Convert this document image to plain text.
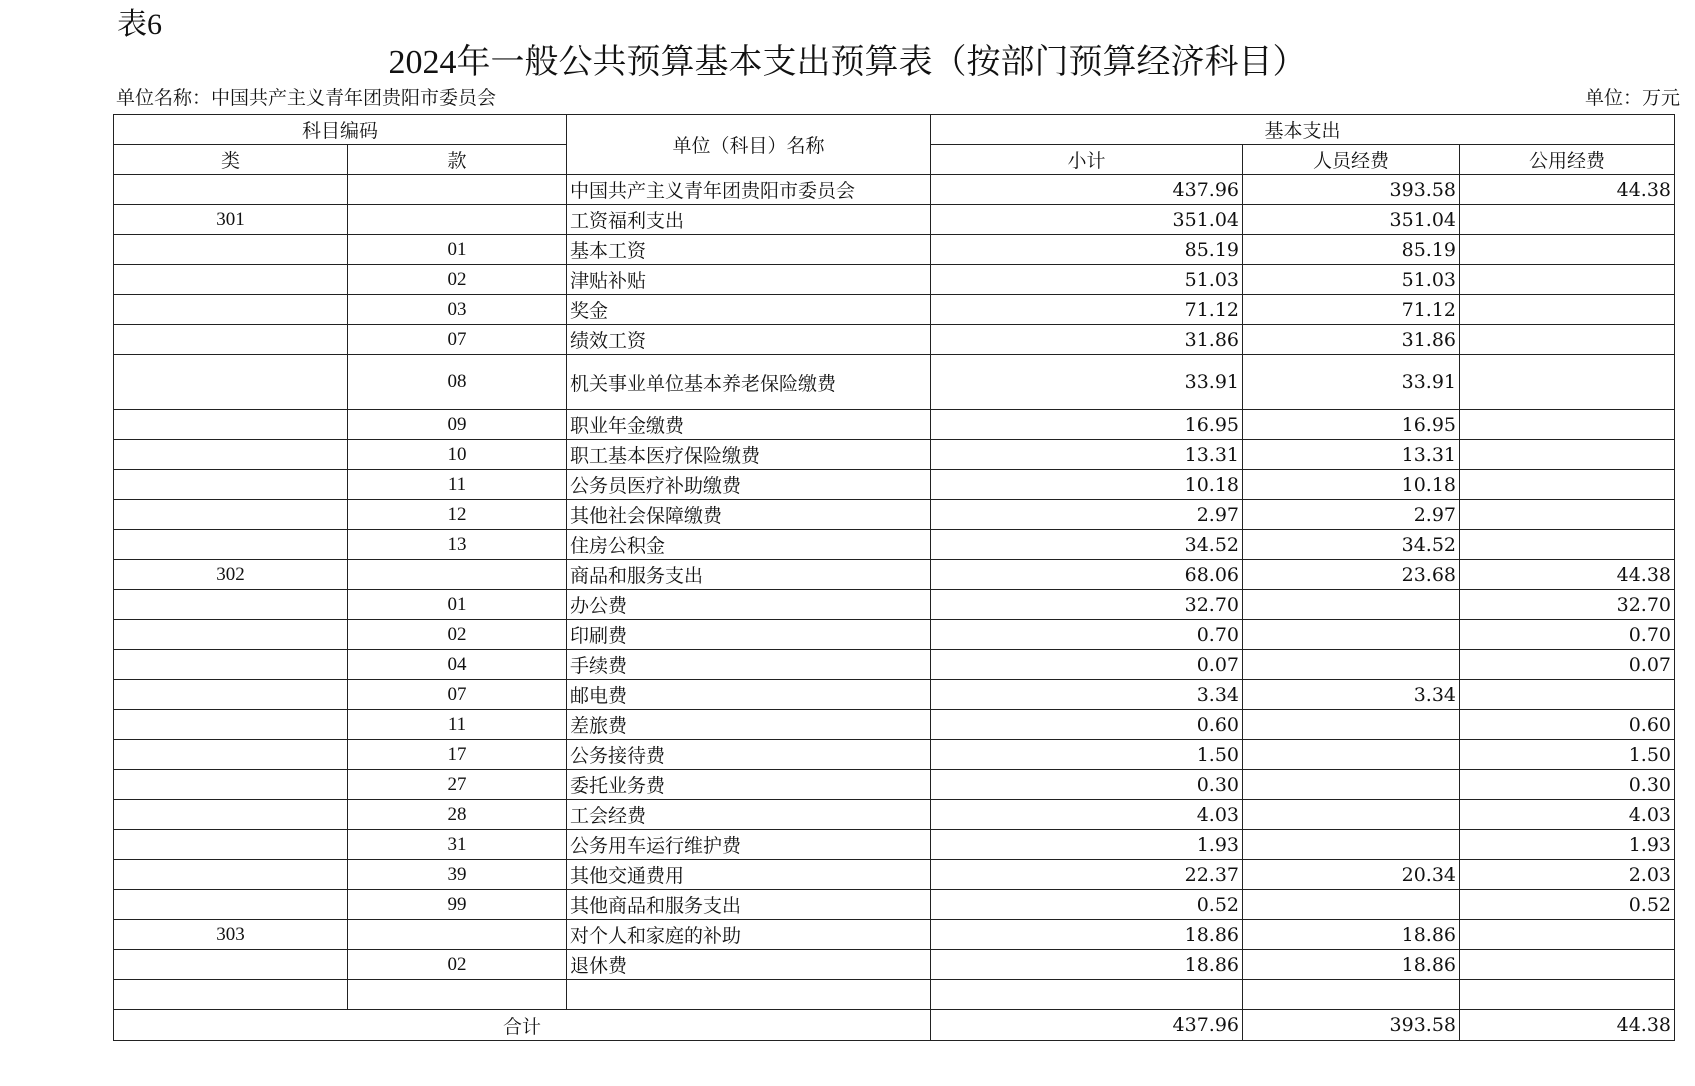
表6
2024年一般公共预算基本支出预算表（按部门预算经济科目）
单位名称：中国共产主义青年团贵阳市委员会	单位：万元
科目编码		单位（科目）名称	基本支出		
类	款		小计	人员经费	公用经费
		中国共产主义青年团贵阳市委员会	437.96	393.58	44.38
301		工资福利支出	351.04	351.04	
	01	基本工资	85.19	85.19	
	02	津贴补贴	51.03	51.03	
	03	奖金	71.12	71.12	
	07	绩效工资	31.86	31.86	
	08	机关事业单位基本养老保险缴费	33.91	33.91	
	09	职业年金缴费	16.95	16.95	
	10	职工基本医疗保险缴费	13.31	13.31	
	11	公务员医疗补助缴费	10.18	10.18	
	12	其他社会保障缴费	2.97	2.97	
	13	住房公积金	34.52	34.52	
302		商品和服务支出	68.06	23.68	44.38
	01	办公费	32.70		32.70
	02	印刷费	0.70		0.70
	04	手续费	0.07		0.07
	07	邮电费	3.34	3.34	
	11	差旅费	0.60		0.60
	17	公务接待费	1.50		1.50
	27	委托业务费	0.30		0.30
	28	工会经费	4.03		4.03
	31	公务用车运行维护费	1.93		1.93
	39	其他交通费用	22.37	20.34	2.03
	99	其他商品和服务支出	0.52		0.52
303		对个人和家庭的补助	18.86	18.86	
	02	退休费	18.86	18.86	

合计			437.96	393.58	44.38
